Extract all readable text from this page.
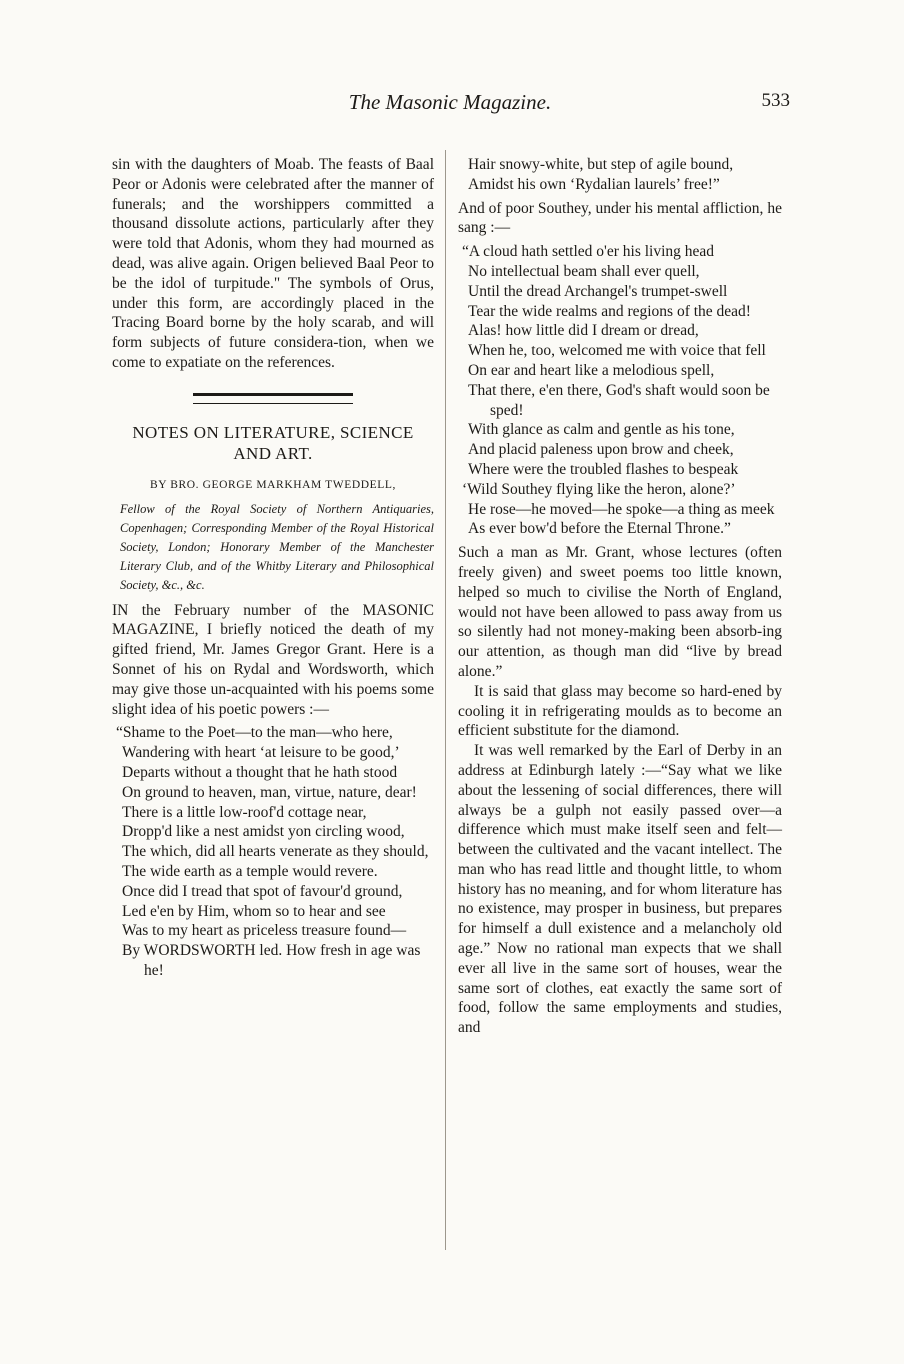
The Masonic Magazine.	533

sin with the daughters of Moab. The feasts of Baal Peor or Adonis were celebrated after the manner of funerals; and the worshippers committed a thousand dissolute actions, particularly after they were told that Adonis, whom they had mourned as dead, was alive again. Origen believed Baal Peor to be the idol of turpitude." The symbols of Orus, under this form, are accordingly placed in the Tracing Board borne by the holy scarab, and will form subjects of future considera-tion, when we come to expatiate on the references.

NOTES ON LITERATURE, SCIENCE AND ART.
BY BRO. GEORGE MARKHAM TWEDDELL,
Fellow of the Royal Society of Northern Antiquaries, Copenhagen; Corresponding Member of the Royal Historical Society, London; Honorary Member of the Manchester Literary Club, and of the Whitby Literary and Philosophical Society, &c., &c.

IN the February number of the MASONIC MAGAZINE, I briefly noticed the death of my gifted friend, Mr. James Gregor Grant. Here is a Sonnet of his on Rydal and Wordsworth, which may give those un-acquainted with his poems some slight idea of his poetic powers :—

“Shame to the Poet—to the man—who here,
Wandering with heart ‘at leisure to be good,’
Departs without a thought that he hath stood
On ground to heaven, man, virtue, nature, dear!
There is a little low-roof'd cottage near,
Dropp'd like a nest amidst yon circling wood,
The which, did all hearts venerate as they should,
The wide earth as a temple would revere.
Once did I tread that spot of favour'd ground,
Led e'en by Him, whom so to hear and see
Was to my heart as priceless treasure found—
By WORDSWORTH led. How fresh in age was he!
Hair snowy-white, but step of agile bound,
Amidst his own ‘Rydalian laurels’ free!”

And of poor Southey, under his mental affliction, he sang :—

“A cloud hath settled o'er his living head
No intellectual beam shall ever quell,
Until the dread Archangel's trumpet-swell
Tear the wide realms and regions of the dead!
Alas! how little did I dream or dread,
When he, too, welcomed me with voice that fell
On ear and heart like a melodious spell,
That there, e'en there, God's shaft would soon be sped!
With glance as calm and gentle as his tone,
And placid paleness upon brow and cheek,
Where were the troubled flashes to bespeak
‘Wild Southey flying like the heron, alone?’
He rose—he moved—he spoke—a thing as meek
As ever bow'd before the Eternal Throne.”

Such a man as Mr. Grant, whose lectures (often freely given) and sweet poems too little known, helped so much to civilise the North of England, would not have been allowed to pass away from us so silently had not money-making been absorb-ing our attention, as though man did “live by bread alone.”

It is said that glass may become so hard-ened by cooling it in refrigerating moulds as to become an efficient substitute for the diamond.

It was well remarked by the Earl of Derby in an address at Edinburgh lately :—“Say what we like about the lessening of social differences, there will always be a gulph not easily passed over—a difference which must make itself seen and felt—between the cultivated and the vacant intellect. The man who has read little and thought little, to whom history has no meaning, and for whom literature has no existence, may prosper in business, but prepares for himself a dull existence and a melancholy old age.” Now no rational man expects that we shall ever all live in the same sort of houses, wear the same sort of clothes, eat exactly the same sort of food, follow the same employments and studies, and
